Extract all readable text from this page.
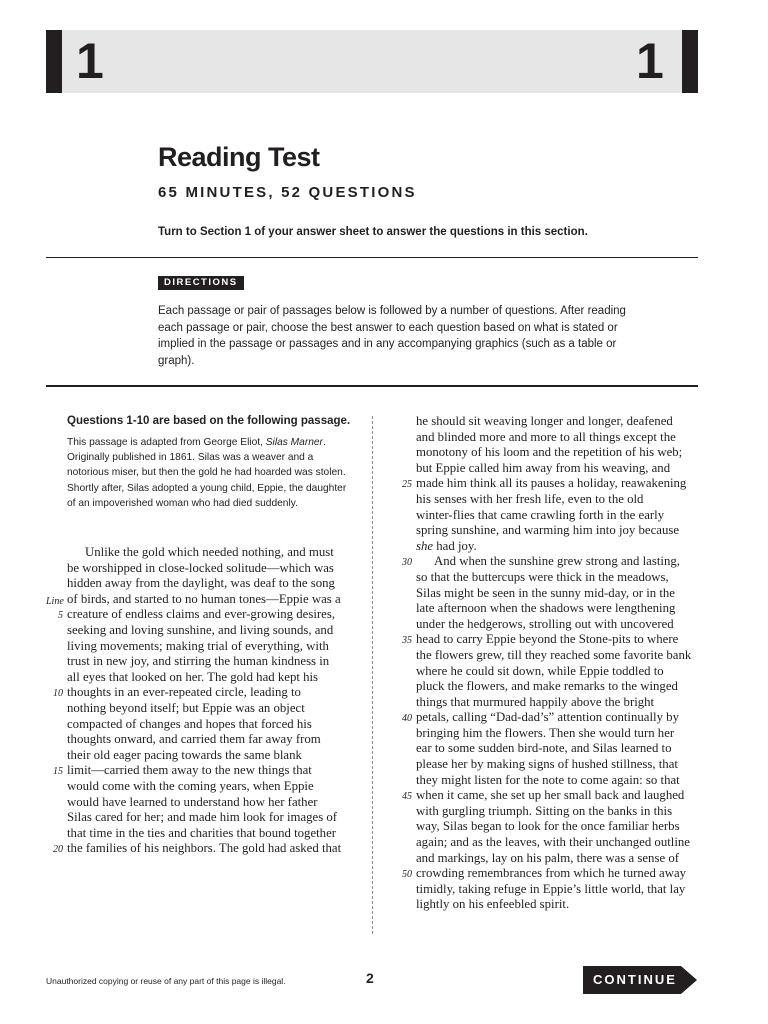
1	1
Reading Test
65 MINUTES, 52 QUESTIONS
Turn to Section 1 of your answer sheet to answer the questions in this section.
DIRECTIONS
Each passage or pair of passages below is followed by a number of questions. After reading each passage or pair, choose the best answer to each question based on what is stated or implied in the passage or passages and in any accompanying graphics (such as a table or graph).
Questions 1-10 are based on the following passage.
This passage is adapted from George Eliot, Silas Marner. Originally published in 1861. Silas was a weaver and a notorious miser, but then the gold he had hoarded was stolen. Shortly after, Silas adopted a young child, Eppie, the daughter of an impoverished woman who had died suddenly.
Line
Unlike the gold which needed nothing, and must
be worshipped in close-locked solitude—which was
hidden away from the daylight, was deaf to the song
of birds, and started to no human tones—Eppie was a
5 creature of endless claims and ever-growing desires,
seeking and loving sunshine, and living sounds, and
living movements; making trial of everything, with
trust in new joy, and stirring the human kindness in
all eyes that looked on her. The gold had kept his
10 thoughts in an ever-repeated circle, leading to
nothing beyond itself; but Eppie was an object
compacted of changes and hopes that forced his
thoughts onward, and carried them far away from
their old eager pacing towards the same blank
15 limit—carried them away to the new things that
would come with the coming years, when Eppie
would have learned to understand how her father
Silas cared for her; and made him look for images of
that time in the ties and charities that bound together
20 the families of his neighbors. The gold had asked that
he should sit weaving longer and longer, deafened
and blinded more and more to all things except the
monotony of his loom and the repetition of his web;
but Eppie called him away from his weaving, and
25 made him think all its pauses a holiday, reawakening
his senses with her fresh life, even to the old
winter-flies that came crawling forth in the early
spring sunshine, and warming him into joy because
she had joy.
30 And when the sunshine grew strong and lasting,
so that the buttercups were thick in the meadows,
Silas might be seen in the sunny mid-day, or in the
late afternoon when the shadows were lengthening
under the hedgerows, strolling out with uncovered
35 head to carry Eppie beyond the Stone-pits to where
the flowers grew, till they reached some favorite bank
where he could sit down, while Eppie toddled to
pluck the flowers, and make remarks to the winged
things that murmured happily above the bright
40 petals, calling “Dad-dad’s” attention continually by
bringing him the flowers. Then she would turn her
ear to some sudden bird-note, and Silas learned to
please her by making signs of hushed stillness, that
they might listen for the note to come again: so that
45 when it came, she set up her small back and laughed
with gurgling triumph. Sitting on the banks in this
way, Silas began to look for the once familiar herbs
again; and as the leaves, with their unchanged outline
and markings, lay on his palm, there was a sense of
50 crowding remembrances from which he turned away
timidly, taking refuge in Eppie’s little world, that lay
lightly on his enfeebled spirit.
Unauthorized copying or reuse of any part of this page is illegal.	2	CONTINUE
